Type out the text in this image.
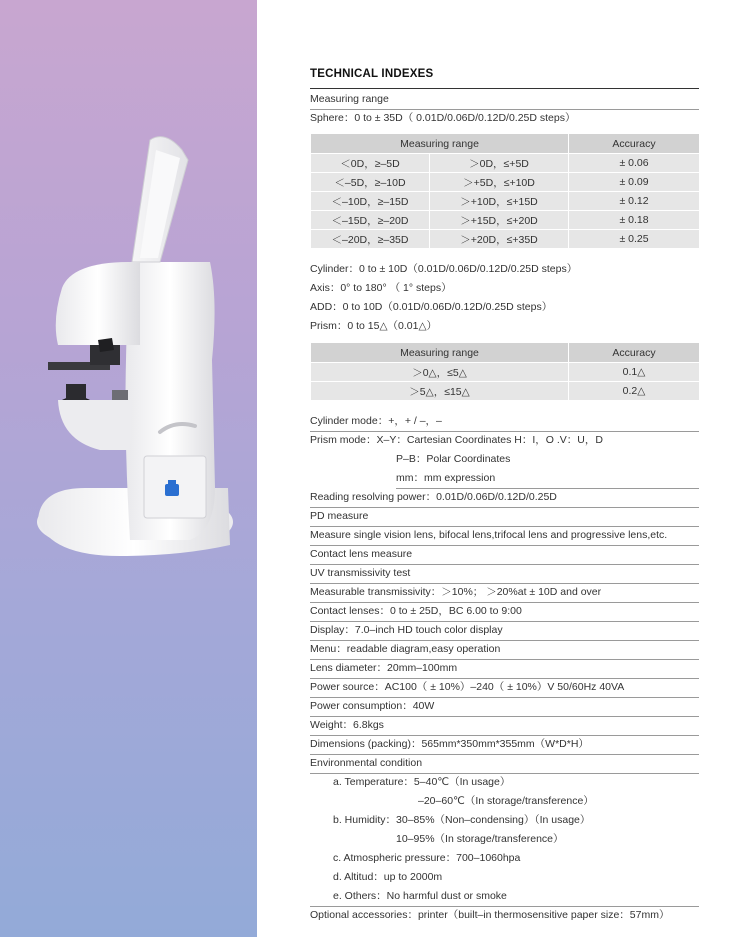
TECHNICAL INDEXES
Measuring range
Sphere：0 to ± 35D（ 0.01D/0.06D/0.12D/0.25D steps）
Measuring range		Accuracy
＜0D，≥–5D	＞0D，≤+5D	± 0.06
＜–5D，≥–10D	＞+5D，≤+10D	± 0.09
＜–10D，≥–15D	＞+10D，≤+15D	± 0.12
＜–15D，≥–20D	＞+15D，≤+20D	± 0.18
＜–20D，≥–35D	＞+20D，≤+35D	± 0.25
Cylinder：0 to ± 10D（0.01D/0.06D/0.12D/0.25D steps）
Axis：0° to 180° （ 1° steps）
ADD：0 to 10D（0.01D/0.06D/0.12D/0.25D steps）
Prism：0 to 15△（0.01△）
Measuring range	Accuracy
＞0△，≤5△	0.1△
＞5△，≤15△	0.2△
Cylinder mode：+，+ / –，–
Prism mode：X–Y：Cartesian Coordinates H：I，O .V：U，D
P–B：Polar Coordinates
mm：mm expression
Reading resolving power：0.01D/0.06D/0.12D/0.25D
PD measure
Measure single vision lens, bifocal lens,trifocal lens and progressive lens,etc.
Contact lens measure
UV transmissivity test
Measurable transmissivity：＞10%； ＞20%at ± 10D and over
Contact lenses：0 to ± 25D，BC 6.00 to 9:00
Display：7.0–inch HD touch color display
Menu：readable diagram,easy operation
Lens diameter：20mm–100mm
Power source：AC100（ ± 10%）–240（ ± 10%）V 50/60Hz 40VA
Power consumption：40W
Weight：6.8kgs
Dimensions (packing)：565mm*350mm*355mm（W*D*H）
Environmental condition
a. Temperature：5–40℃（In usage）
–20–60℃（In storage/transference）
b. Humidity：30–85%（Non–condensing）（In usage）
10–95%（In storage/transference）
c. Atmospheric pressure：700–1060hpa
d. Altitud：up to 2000m
e. Others：No harmful dust or smoke
Optional accessories：printer（built–in thermosensitive paper size：57mm）
